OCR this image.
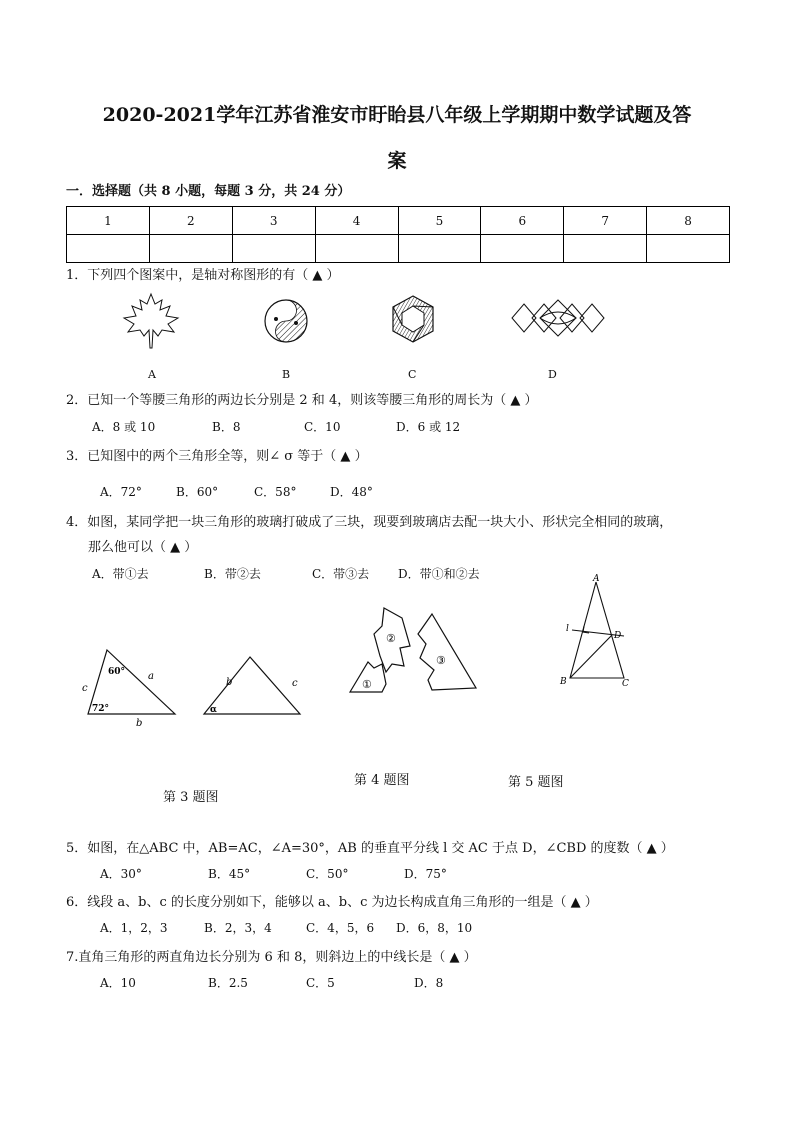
2020-2021学年江苏省淮安市盱眙县八年级上学期期中数学试题及答
案
一．选择题（共 8 小题，每题 3 分，共 24 分）
1	2	3	4	5	6	7	8

1．下列四个图案中，是轴对称图形的有（ ▲ ）
A	B	C	D
2．已知一个等腰三角形的两边长分别是 2 和 4，则该等腰三角形的周长为（ ▲ ）
A．8 或 10	B．8	C．10	D．6 或 12
3．已知图中的两个三角形全等，则∠ σ 等于（ ▲ ）
A．72°	B．60°	C．58°	D．48°
4．如图，某同学把一块三角形的玻璃打破成了三块，现要到玻璃店去配一块大小、形状完全相同的玻璃，
那么他可以（ ▲ ）
A．带①去	B．带②去	C．带③去 D．带①和②去
60°
72°
c
a
b
b	c
α
①
②
③
A
B	C
D
l
第 3 题图
第 4 题图	第 5 题图
5．如图，在△ABC 中，AB=AC，∠A=30°，AB 的垂直平分线 l 交 AC 于点 D，∠CBD 的度数（ ▲ ）
A．30°	B．45°	C．50°	D．75°
6．线段 a、b、c 的长度分别如下，能够以 a、b、c 为边长构成直角三角形的一组是（ ▲ ）
A．1，2，3	B．2，3，4	C．4，5，6 D．6，8，10
7.直角三角形的两直角边长分别为 6 和 8，则斜边上的中线长是（ ▲ ）
A．10	B．2.5	C．5	D．8
